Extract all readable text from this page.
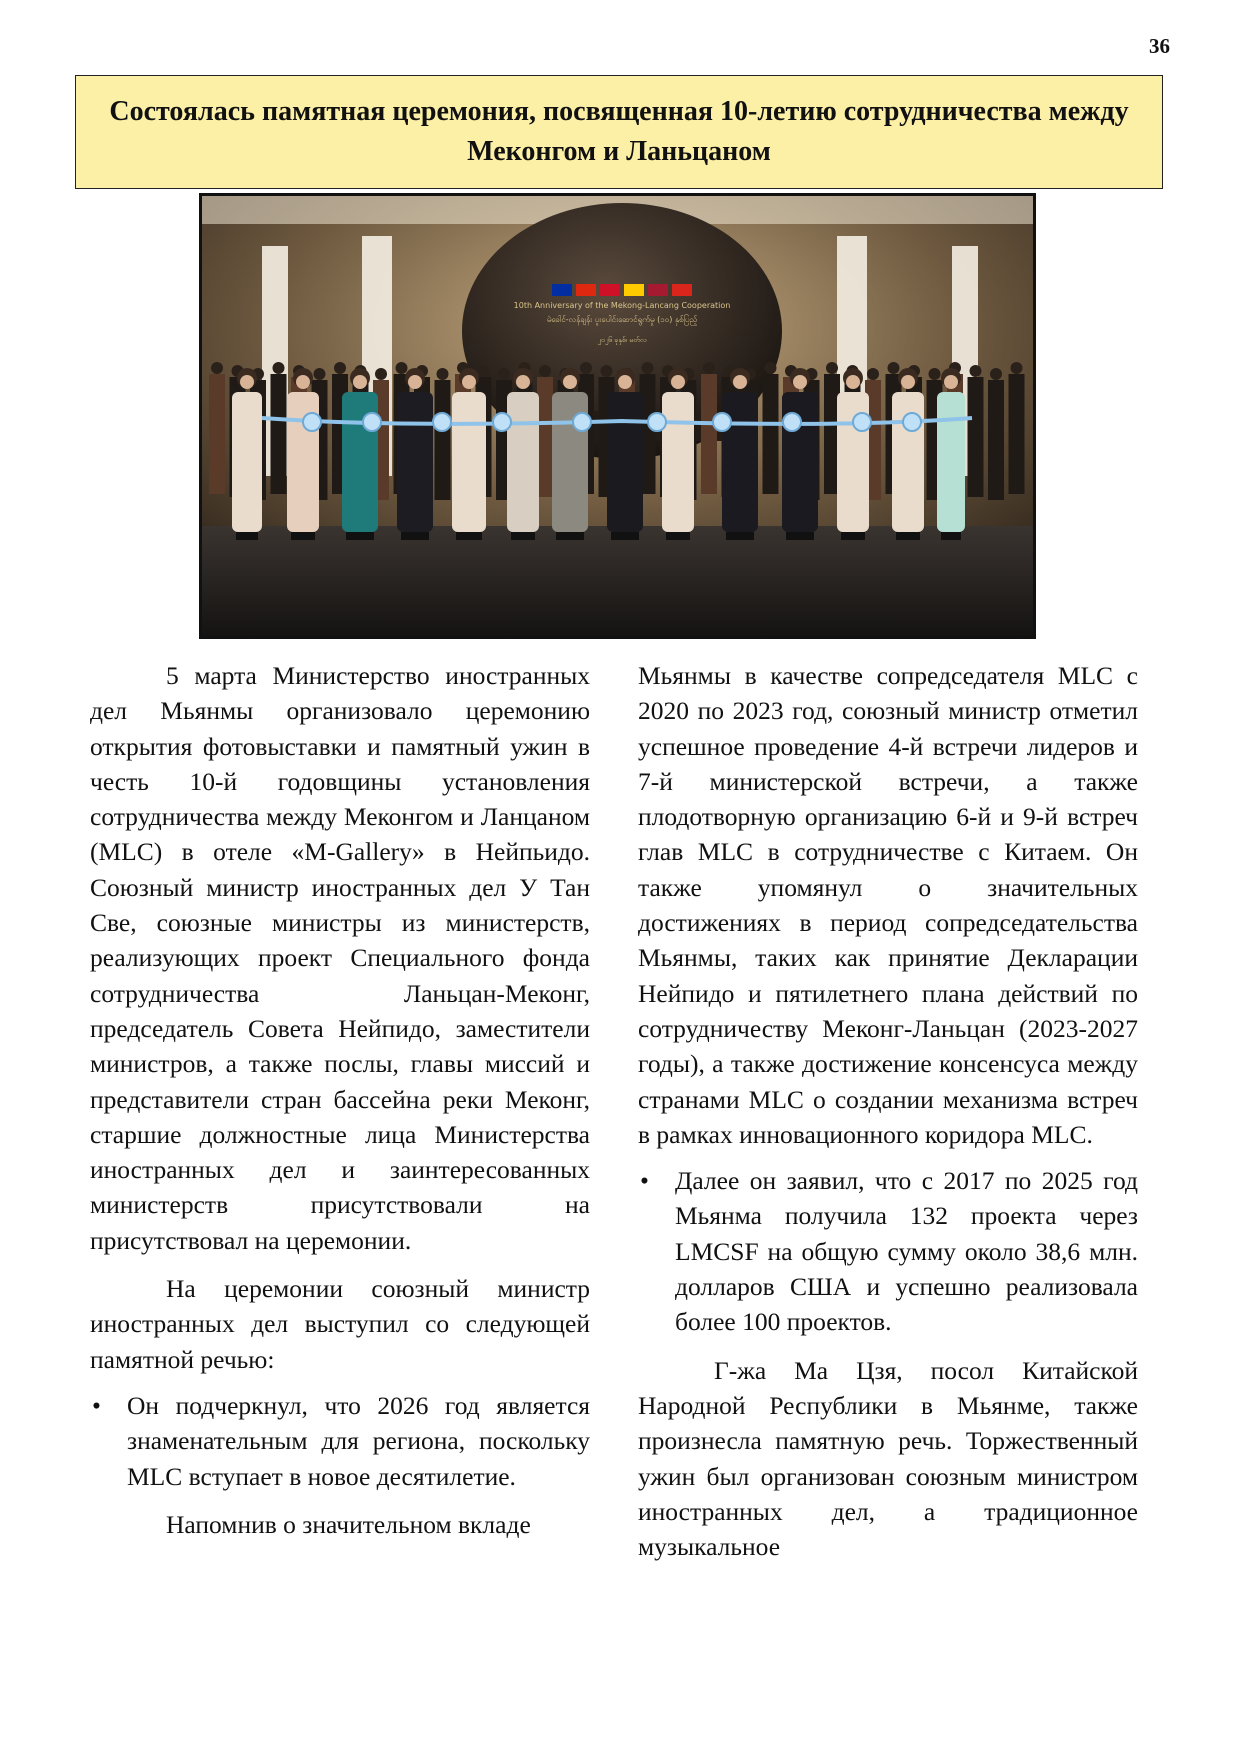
36
Состоялась памятная церемония, посвященная 10-летию сотрудничества между Меконгом и Ланьцаном
10th Anniversary of the Mekong-Lancang Cooperation
မဲခေါင်-လန်ချန်း ပူးပေါင်းဆောင်ရွက်မှု (၁၀) နှစ်ပြည့်
၂၀၂၆ ခုနှစ်၊ မတ်လ

5 марта Министерство иностранных дел Мьянмы организовало церемонию открытия фотовыставки и памятный ужин в честь 10-й годовщины установления сотрудничества между Меконгом и Ланцаном (MLC) в отеле «M-Gallery» в Нейпьидо. Союзный министр иностранных дел У Тан Све, союзные министры из министерств, реализующих проект Специального фонда сотрудничества Ланьцан-Меконг, председатель Совета Нейпидо, заместители министров, а также послы, главы миссий и представители стран бассейна реки Меконг, старшие должностные лица Министерства иностранных дел и заинтересованных министерств присутствовали на присутствовал на церемонии.

На церемонии союзный министр иностранных дел выступил со следующей памятной речью:

• Он подчеркнул, что 2026 год является знаменательным для региона, поскольку MLC вступает в новое десятилетие.

Напомнив о значительном вкладе

Мьянмы в качестве сопредседателя MLC с 2020 по 2023 год, союзный министр отметил успешное проведение 4-й встречи лидеров и 7-й министерской встречи, а также плодотворную организацию 6-й и 9-й встреч глав MLC в сотрудничестве с Китаем. Он также упомянул о значительных достижениях в период сопредседательства Мьянмы, таких как принятие Декларации Нейпидо и пятилетнего плана действий по сотрудничеству Меконг-Ланьцан (2023-2027 годы), а также достижение консенсуса между странами MLC о создании механизма встреч в рамках инновационного коридора MLC.

• Далее он заявил, что с 2017 по 2025 год Мьянма получила 132 проекта через LMCSF на общую сумму около 38,6 млн. долларов США и успешно реализовала более 100 проектов.

Г-жа Ма Цзя, посол Китайской Народной Республики в Мьянме, также произнесла памятную речь. Торжественный ужин был организован союзным министром иностранных дел, а традиционное музыкальное
